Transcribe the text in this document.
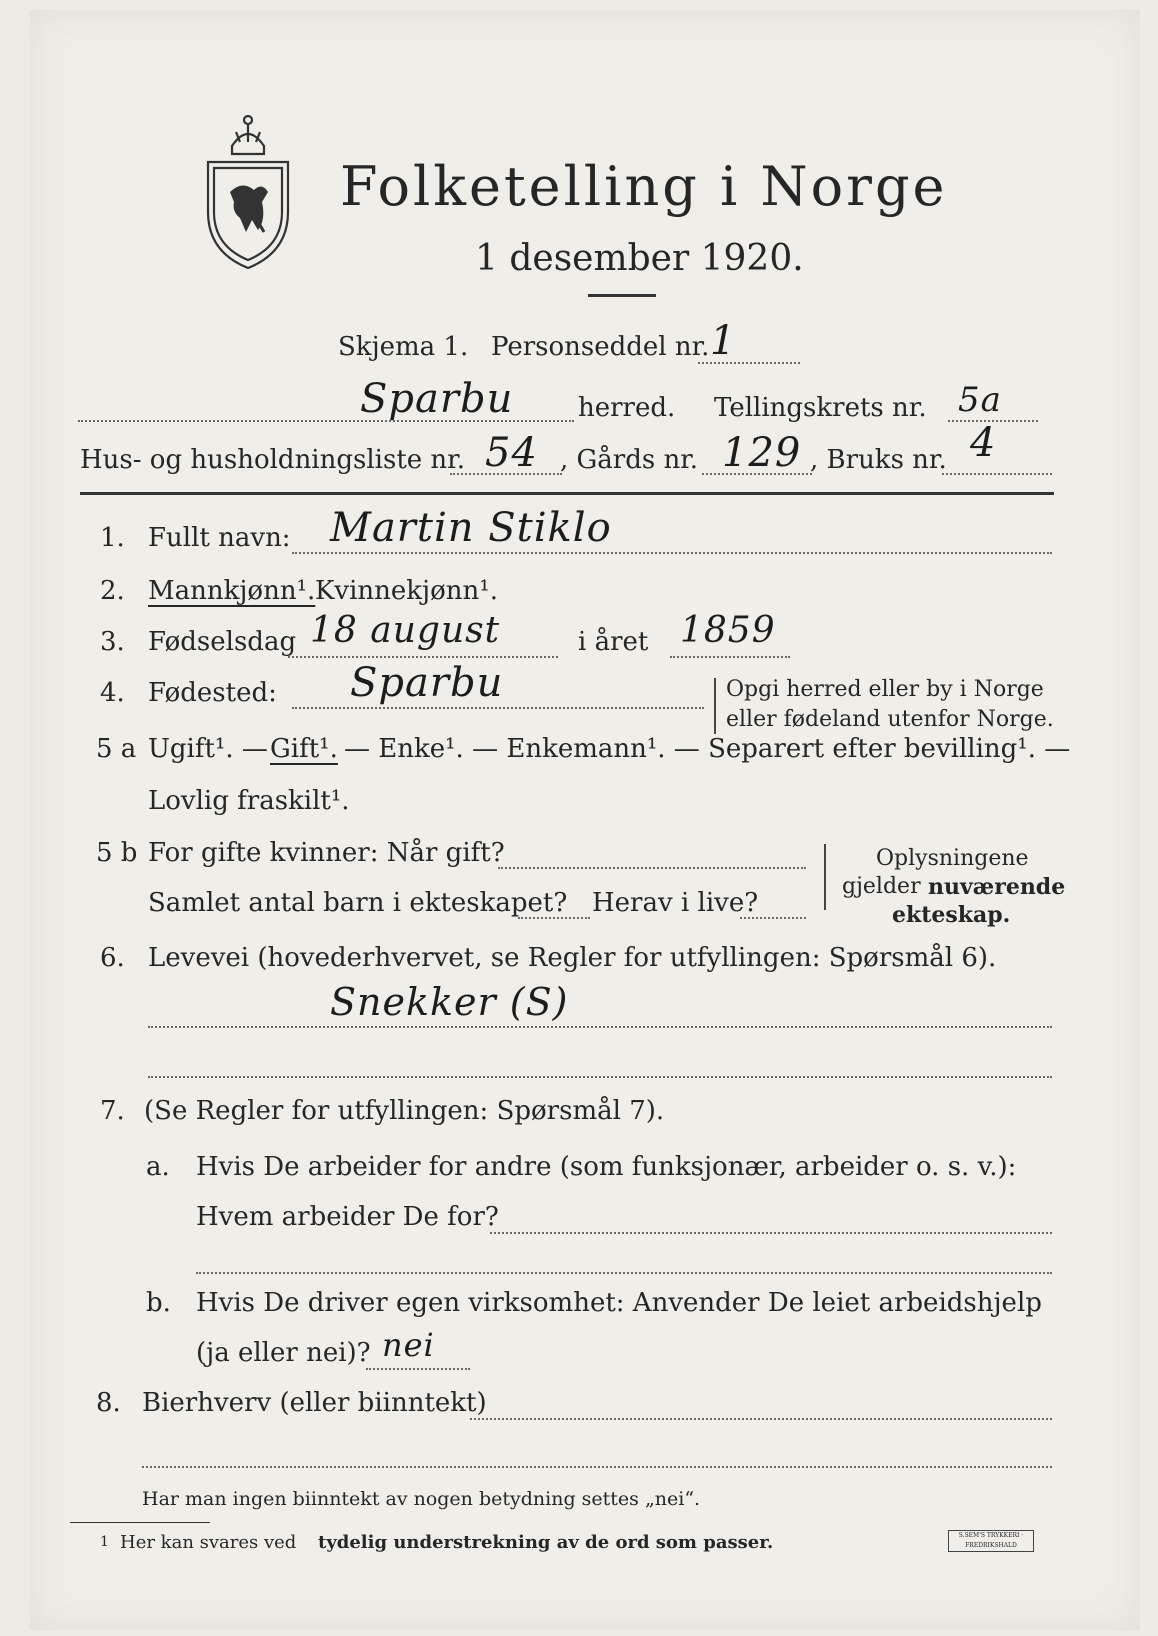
Folketelling i Norge
1 desember 1920.
Skjema 1. Personseddel nr. 1
Sparbu herred. Tellingskrets nr. 5a
Hus- og husholdningsliste nr. 54 , Gårds nr. 129 , Bruks nr. 4
1. Fullt navn: Martin Stiklo
2. Mannkjønn¹. Kvinnekjønn¹.
3. Fødselsdag 18 august	i året 1859
4. Fødested: Sparbu	Opgi herred eller by i Norge
eller fødeland utenfor Norge.
5 a Ugift¹. — Gift¹. — Enke¹. — Enkemann¹. — Separert efter bevilling¹. —
Lovlig fraskilt¹.
5 b For gifte kvinner: Når gift?
Samlet antal barn i ekteskapet? Herav i live?
Oplysningene
gjelder nuværende
ekteskap.
6. Levevei (hovederhvervet, se Regler for utfyllingen: Spørsmål 6).
Snekker (S)
7. (Se Regler for utfyllingen: Spørsmål 7).
a. Hvis De arbeider for andre (som funksjonær, arbeider o. s. v.):
Hvem arbeider De for?
b. Hvis De driver egen virksomhet: Anvender De leiet arbeidshjelp
(ja eller nei)? nei
8. Bierhverv (eller biinntekt)
Har man ingen biinntekt av nogen betydning settes „nei“.
1 Her kan svares ved tydelig understrekning av de ord som passer.	S.SEM'S TRYKKERI · FREDRIKSHALD
